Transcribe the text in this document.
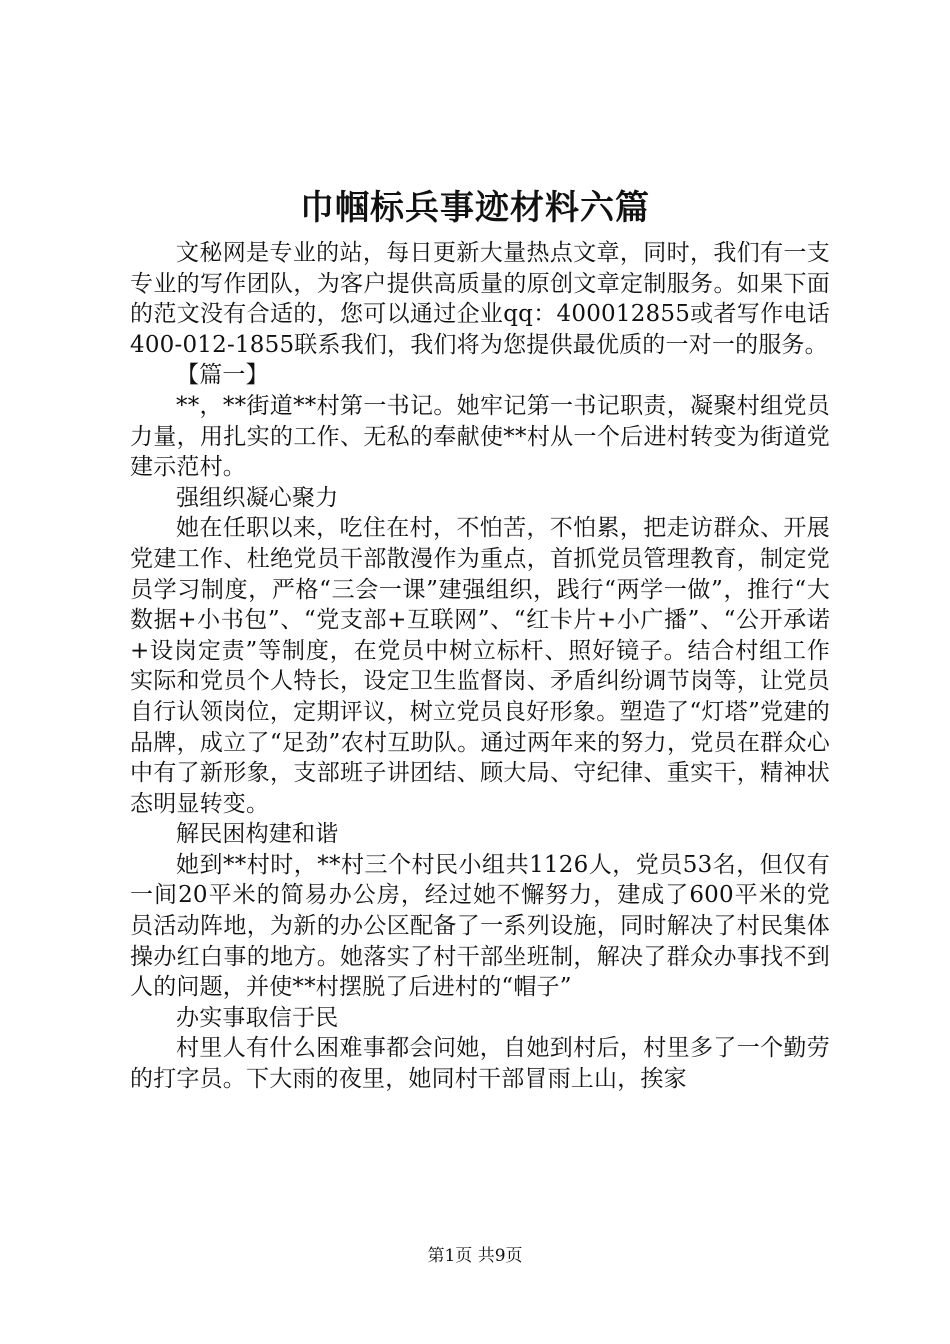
巾帼标兵事迹材料六篇

文秘网是专业的站，每日更新大量热点文章，同时，我们有一支专业的写作团队，为客户提供高质量的原创文章定制服务。如果下面的范文没有合适的，您可以通过企业qq：400012855或者写作电话400-012-1855联系我们，我们将为您提供最优质的一对一的服务。

【篇一】

**，**街道**村第一书记。她牢记第一书记职责，凝聚村组党员力量，用扎实的工作、无私的奉献使**村从一个后进村转变为街道党建示范村。

强组织凝心聚力

她在任职以来，吃住在村，不怕苦，不怕累，把走访群众、开展党建工作、杜绝党员干部散漫作为重点，首抓党员管理教育，制定党员学习制度，严格“三会一课”建强组织，践行“两学一做”，推行“大数据+小书包”、“党支部+互联网”、“红卡片+小广播”、“公开承诺+设岗定责”等制度，在党员中树立标杆、照好镜子。结合村组工作实际和党员个人特长，设定卫生监督岗、矛盾纠纷调节岗等，让党员自行认领岗位，定期评议，树立党员良好形象。塑造了“灯塔”党建的品牌，成立了“足劲”农村互助队。通过两年来的努力，党员在群众心中有了新形象，支部班子讲团结、顾大局、守纪律、重实干，精神状态明显转变。

解民困构建和谐

她到**村时，**村三个村民小组共1126人，党员53名，但仅有一间20平米的简易办公房，经过她不懈努力，建成了600平米的党员活动阵地，为新的办公区配备了一系列设施，同时解决了村民集体操办红白事的地方。她落实了村干部坐班制，解决了群众办事找不到人的问题，并使**村摆脱了后进村的“帽子”

办实事取信于民

村里人有什么困难事都会问她，自她到村后，村里多了一个勤劳的打字员。下大雨的夜里，她同村干部冒雨上山，挨家

第1页 共9页
